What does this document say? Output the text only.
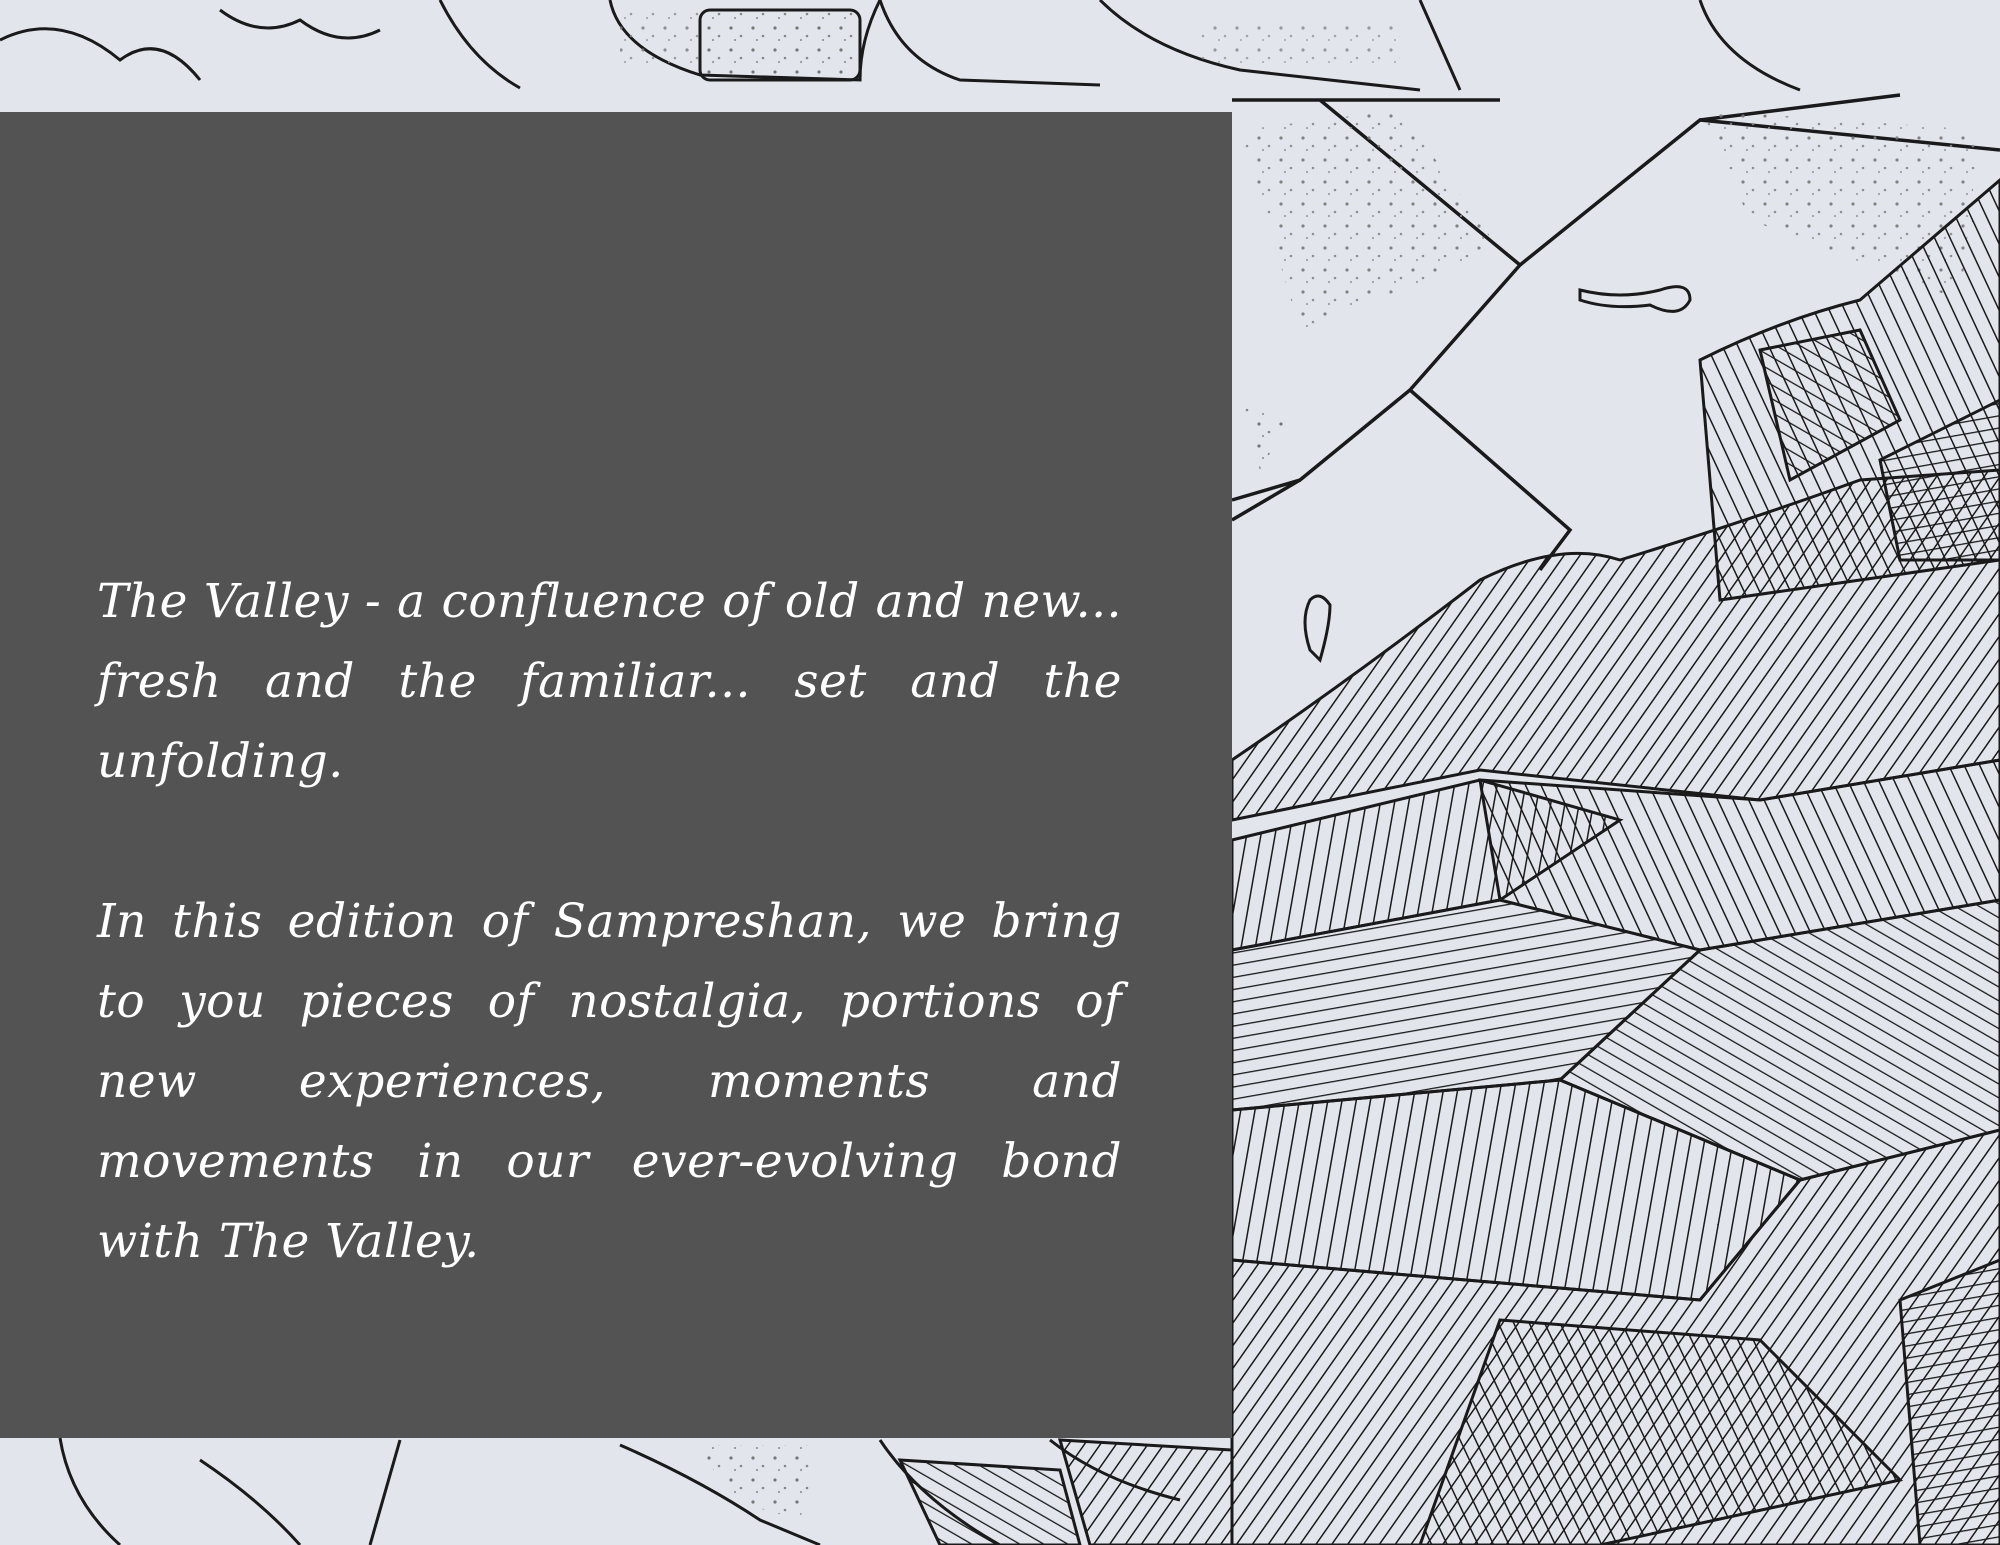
The Valley - a confluence of old and new... fresh and the familiar... set and the unfolding.

In this edition of Sampreshan, we bring to you pieces of nostalgia, portions of new experiences, moments and movements in our ever-evolving bond with The Valley.
